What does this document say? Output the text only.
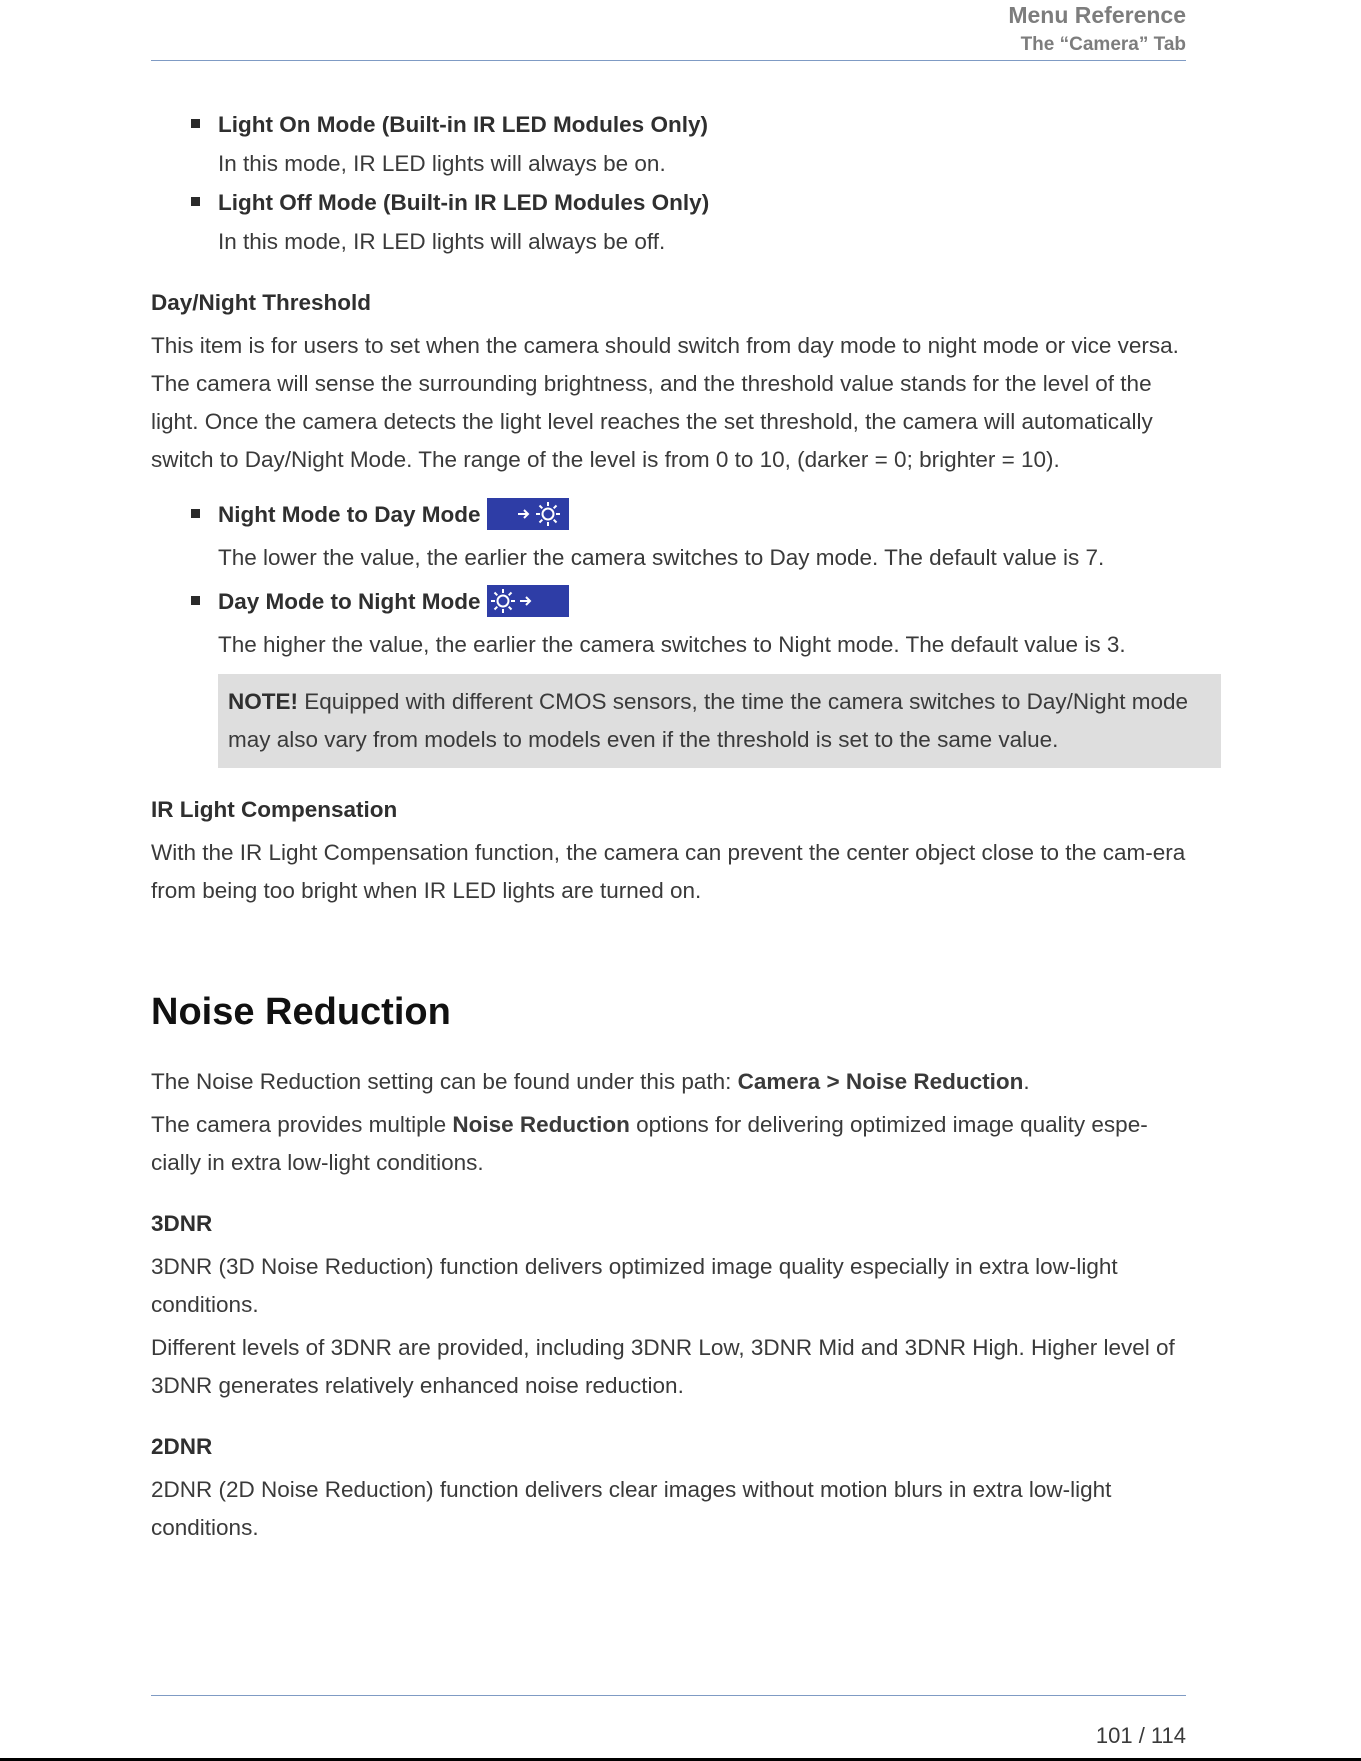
Menu Reference
The “Camera” Tab
Light On Mode (Built-in IR LED Modules Only)
In this mode, IR LED lights will always be on.
Light Off Mode (Built-in IR LED Modules Only)
In this mode, IR LED lights will always be off.
Day/Night Threshold

This item is for users to set when the camera should switch from day mode to night mode or vice versa. The camera will sense the surrounding brightness, and the threshold value stands for the level of the light. Once the camera detects the light level reaches the set threshold, the camera will automatically switch to Day/Night Mode. The range of the level is from 0 to 10, (darker = 0; brighter = 10).

Night Mode to Day Mode
The lower the value, the earlier the camera switches to Day mode. The default value is 7.
Day Mode to Night Mode
The higher the value, the earlier the camera switches to Night mode. The default value is 3.
NOTE! Equipped with different CMOS sensors, the time the camera switches to Day/Night mode may also vary from models to models even if the threshold is set to the same value.
IR Light Compensation

With the IR Light Compensation function, the camera can prevent the center object close to the cam-era from being too bright when IR LED lights are turned on.

Noise Reduction

The Noise Reduction setting can be found under this path: Camera > Noise Reduction.

The camera provides multiple Noise Reduction options for delivering optimized image quality espe-cially in extra low-light conditions.

3DNR

3DNR (3D Noise Reduction) function delivers optimized image quality especially in extra low-light conditions.

Different levels of 3DNR are provided, including 3DNR Low, 3DNR Mid and 3DNR High. Higher level of 3DNR generates relatively enhanced noise reduction.

2DNR

2DNR (2D Noise Reduction) function delivers clear images without motion blurs in extra low-light conditions.

101 / 114
